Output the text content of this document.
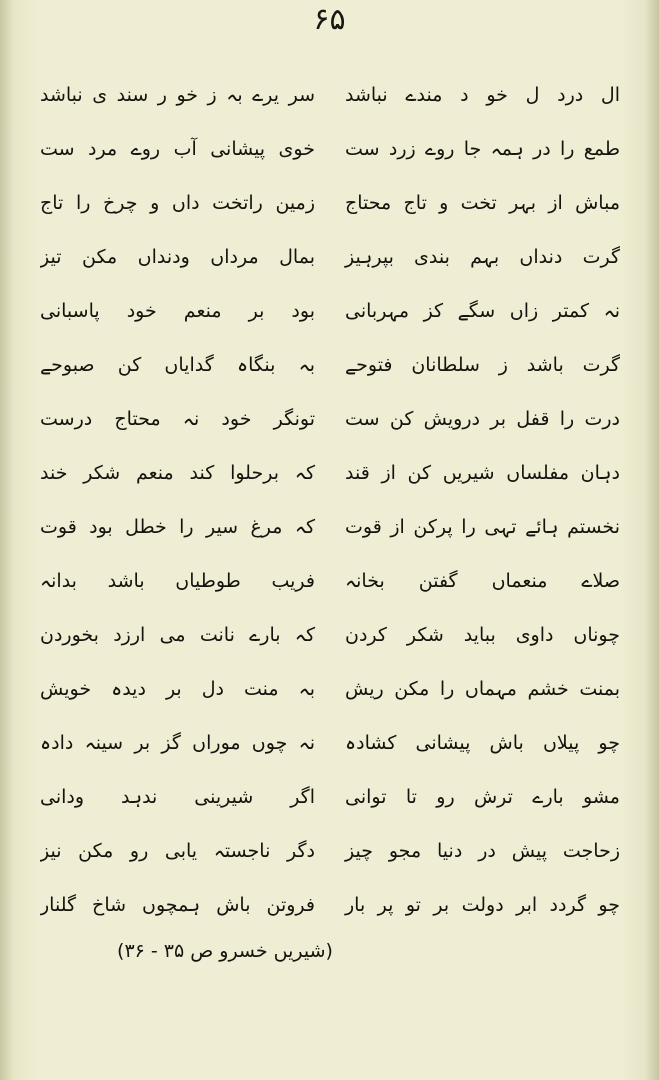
۶۵
ال درد ل خو د مندے نباشد
سر یرے بہ ز خو ر سند ی نباشد
طمع را در ہمہ جا روے زرد ست
خوی پیشانی آب روے مرد ست
مباش از بہر تخت و تاج محتاج
زمین راتخت داں و چرخ را تاج
گرت دنداں بہم بندی بپرہیز
بمال مرداں ودنداں مکن تیز
نہ کمتر زاں سگے کز مہربانی
بود بر منعم خود پاسبانی
گرت باشد ز سلطانان فتوحے
بہ بنگاہ گدایاں کن صبوحے
درت را قفل بر درویش کن ست
تونگر خود نہ محتاج درست
دہان مفلساں شیریں کن از قند
کہ برحلوا کند منعم شکر خند
نخستم ہائے تہی را پرکن از قوت
کہ مرغ سیر را خطل بود قوت
صلاے منعماں گفتن بخانہ
فریب طوطیاں باشد بدانہ
چوناں داوی بباید شکر کردن
کہ بارے نانت می ارزد بخوردن
بمنت خشم مہماں را مکن ریش
بہ منت دل بر دیدہ خویش
چو پیلاں باش پیشانی کشادہ
نہ چوں موراں گز بر سینہ دادہ
مشو بارے ترش رو تا توانی
اگر شیرینی ندہد ودانی
زحاجت پیش در دنیا مجو چیز
دگر ناجستہ یابی رو مکن نیز
چو گردد ابر دولت بر تو پر بار
فروتن باش ہمچوں شاخ گلنار
(شیریں خسرو ص ۳۵ - ۳۶)
